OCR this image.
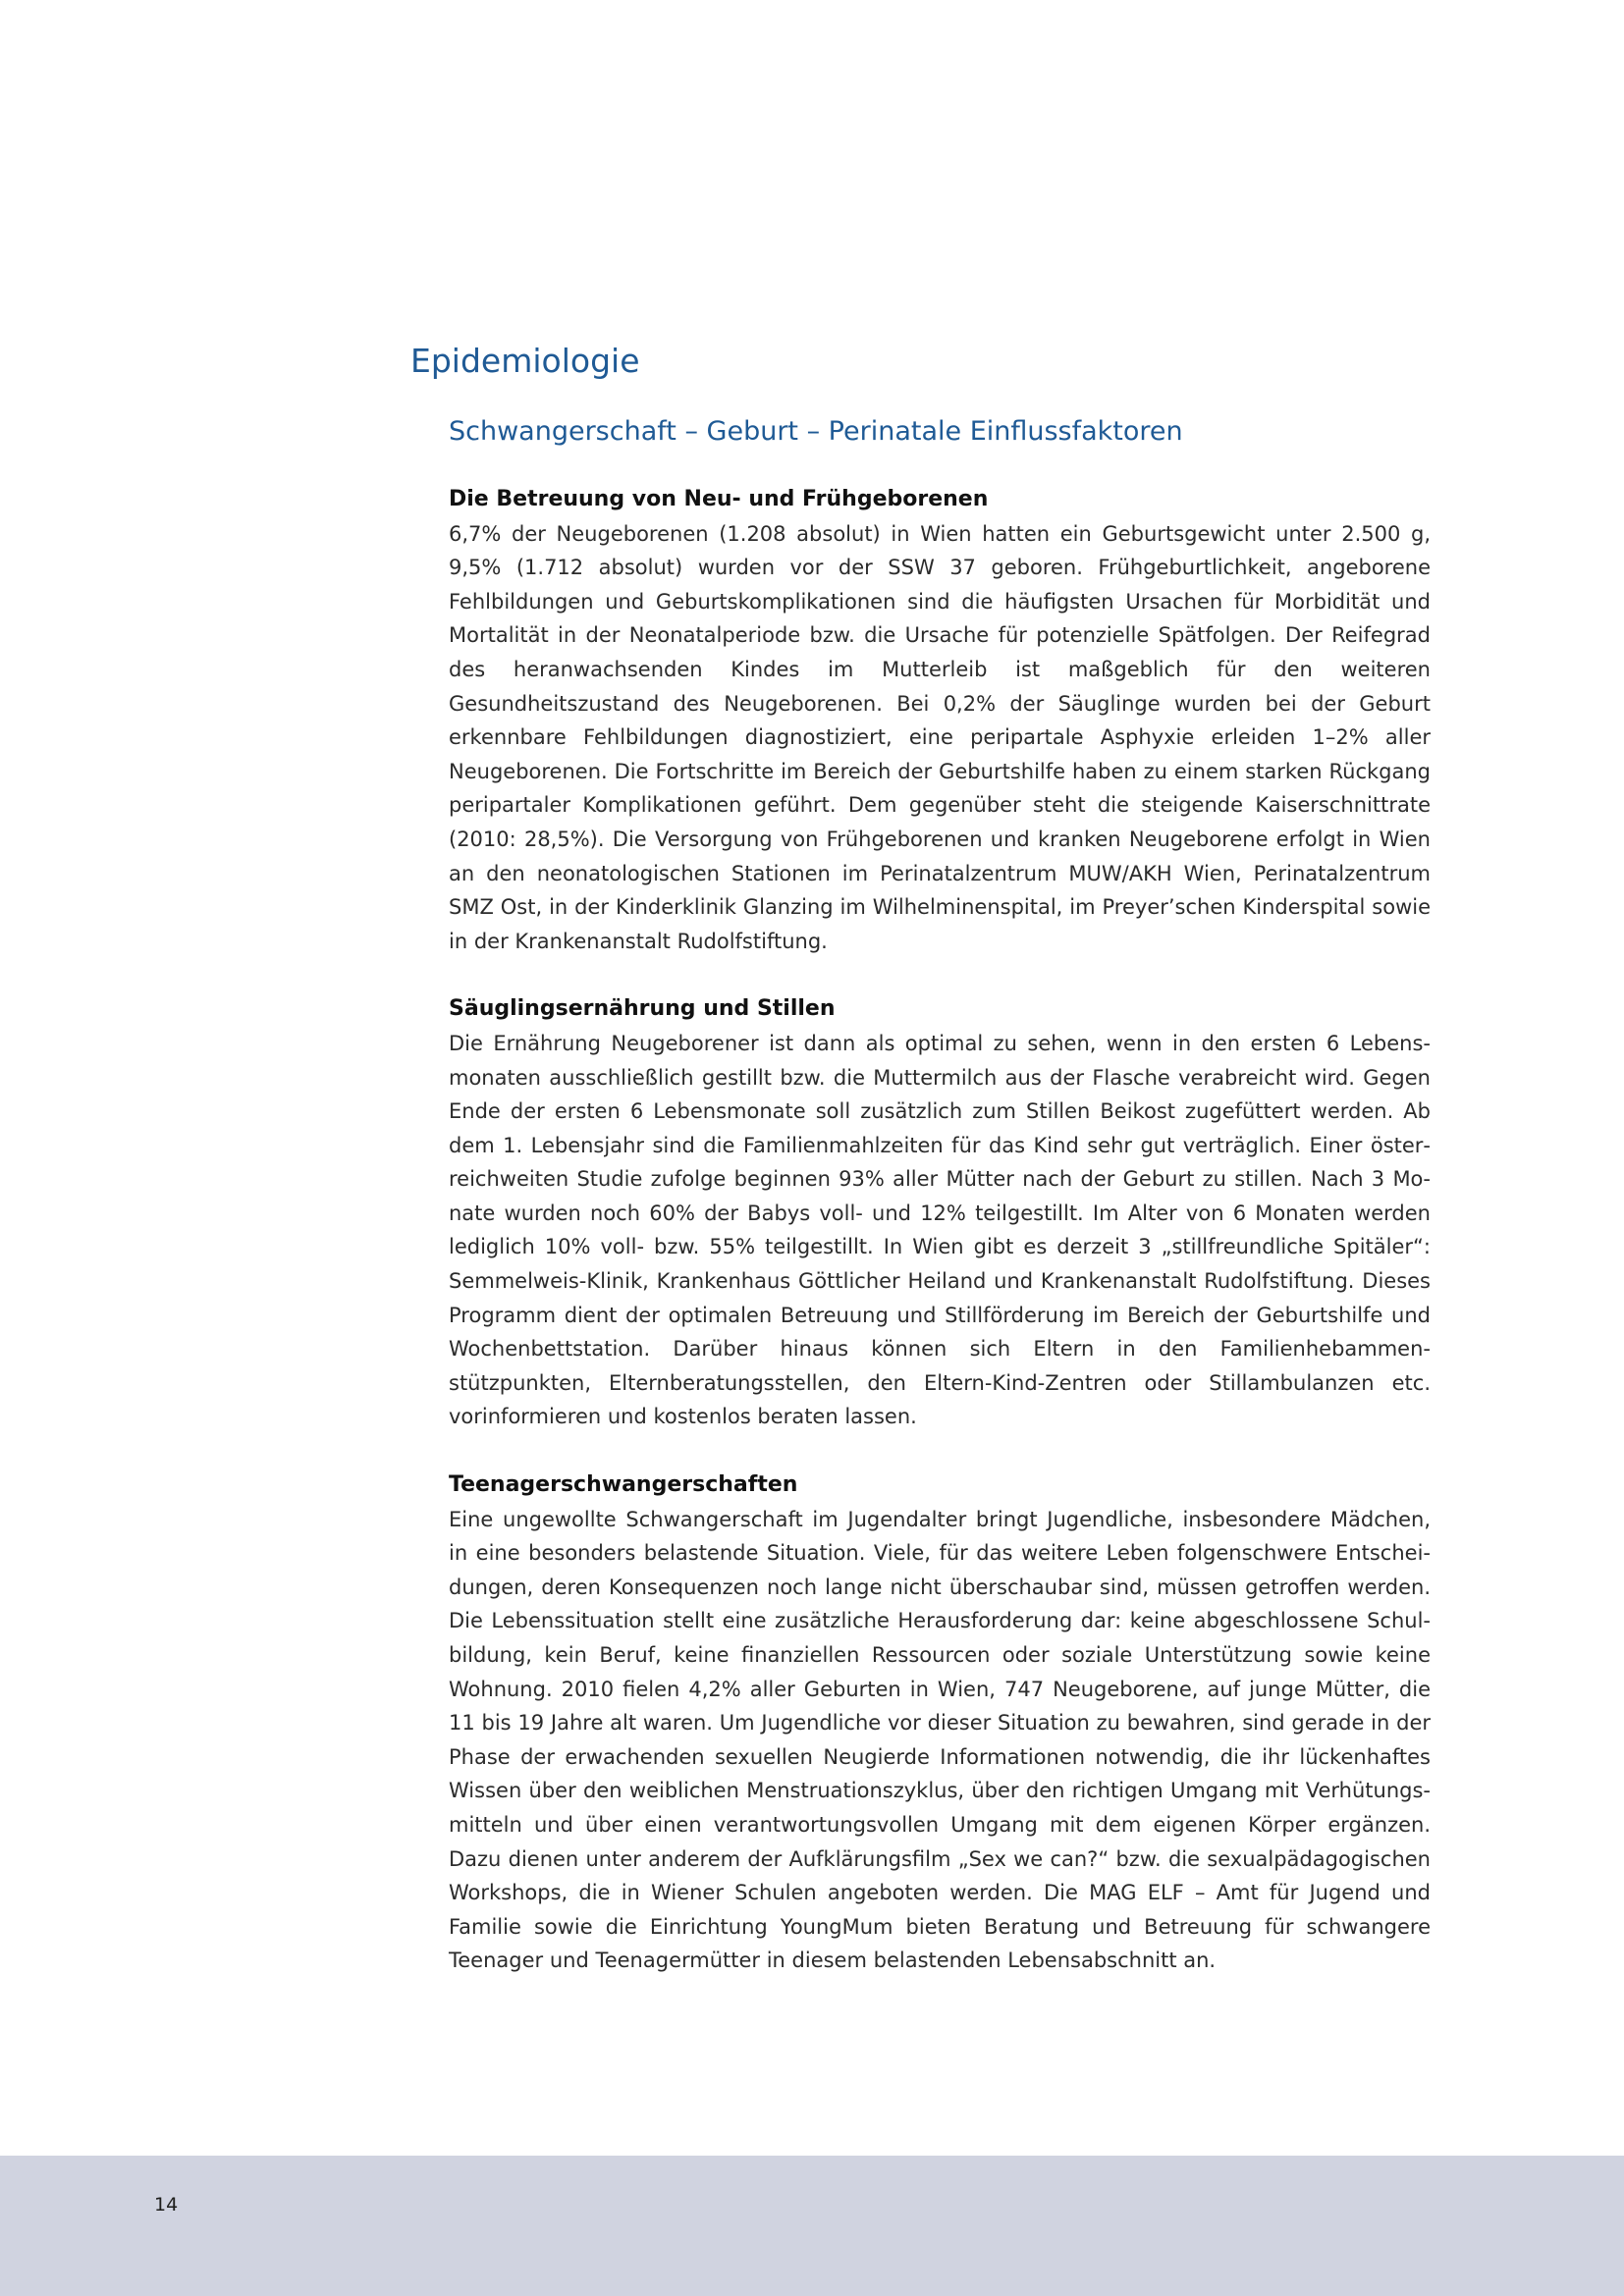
Epidemiologie
Schwangerschaft – Geburt – Perinatale Einflussfaktoren
Die Betreuung von Neu- und Frühgeborenen

6,7% der Neugeborenen (1.208 absolut) in Wien hatten ein Geburtsgewicht unter 2.500 g, 9,5% (1.712 absolut) wurden vor der SSW 37 geboren. Frühgeburtlichkeit, angeborene Fehlbildungen und Geburtskomplikationen sind die häufigsten Ursachen für Morbidität und Mortalität in der Neonatalperiode bzw. die Ursache für potenzielle Spätfolgen. Der Reifegrad des heranwachsenden Kindes im Mutterleib ist maßgeblich für den weiteren Gesundheitszustand des Neugeborenen. Bei 0,2% der Säuglinge wurden bei der Geburt erkennbare Fehlbildungen diagnostiziert, eine peripartale Asphyxie erleiden 1–2% aller Neugeborenen. Die Fortschritte im Bereich der Geburtshilfe haben zu einem starken Rückgang peripartaler Komplikationen geführt. Dem gegenüber steht die steigende Kaiserschnittrate (2010: 28,5%). Die Versorgung von Frühgeborenen und kranken Neugeborene erfolgt in Wien an den neonatologischen Stationen im Perinatalzentrum MUW/AKH Wien, Perinatalzentrum SMZ Ost, in der Kinderklinik Glanzing im Wilhelminenspital, im Preyer’schen Kinderspital sowie in der Krankenanstalt Rudolfstiftung.

Säuglingsernährung und Stillen

Die Ernährung Neugeborener ist dann als optimal zu sehen, wenn in den ersten 6 Lebensmonaten ausschließlich gestillt bzw. die Muttermilch aus der Flasche verabreicht wird. Gegen Ende der ersten 6 Lebensmonate soll zusätzlich zum Stillen Beikost zugefüttert werden. Ab dem 1. Lebensjahr sind die Familienmahlzeiten für das Kind sehr gut verträglich. Einer österreichweiten Studie zufolge beginnen 93% aller Mütter nach der Geburt zu stillen. Nach 3 Monate wurden noch 60% der Babys voll- und 12% teilgestillt. Im Alter von 6 Monaten werden lediglich 10% voll- bzw. 55% teilgestillt. In Wien gibt es derzeit 3 „stillfreundliche Spitäler“: Semmelweis-Klinik, Krankenhaus Göttlicher Heiland und Krankenanstalt Rudolfstiftung. Dieses Programm dient der optimalen Betreuung und Stillförderung im Bereich der Geburtshilfe und Wochenbettstation. Darüber hinaus können sich Eltern in den Familienhebammenstützpunkten, Elternberatungsstellen, den Eltern-Kind-Zentren oder Stillambulanzen etc. vorinformieren und kostenlos beraten lassen.

Teenagerschwangerschaften

Eine ungewollte Schwangerschaft im Jugendalter bringt Jugendliche, insbesondere Mädchen, in eine besonders belastende Situation. Viele, für das weitere Leben folgenschwere Entscheidungen, deren Konsequenzen noch lange nicht überschaubar sind, müssen getroffen werden. Die Lebenssituation stellt eine zusätzliche Herausforderung dar: keine abgeschlossene Schulbildung, kein Beruf, keine finanziellen Ressourcen oder soziale Unterstützung sowie keine Wohnung. 2010 fielen 4,2% aller Geburten in Wien, 747 Neugeborene, auf junge Mütter, die 11 bis 19 Jahre alt waren. Um Jugendliche vor dieser Situation zu bewahren, sind gerade in der Phase der erwachenden sexuellen Neugierde Informationen notwendig, die ihr lückenhaftes Wissen über den weiblichen Menstruationszyklus, über den richtigen Umgang mit Verhütungsmitteln und über einen verantwortungsvollen Umgang mit dem eigenen Körper ergänzen. Dazu dienen unter anderem der Aufklärungsfilm „Sex we can?“ bzw. die sexualpädagogischen Workshops, die in Wiener Schulen angeboten werden. Die MAG ELF – Amt für Jugend und Familie sowie die Einrichtung YoungMum bieten Beratung und Betreuung für schwangere Teenager und Teenagermütter in diesem belastenden Lebensabschnitt an.

14
